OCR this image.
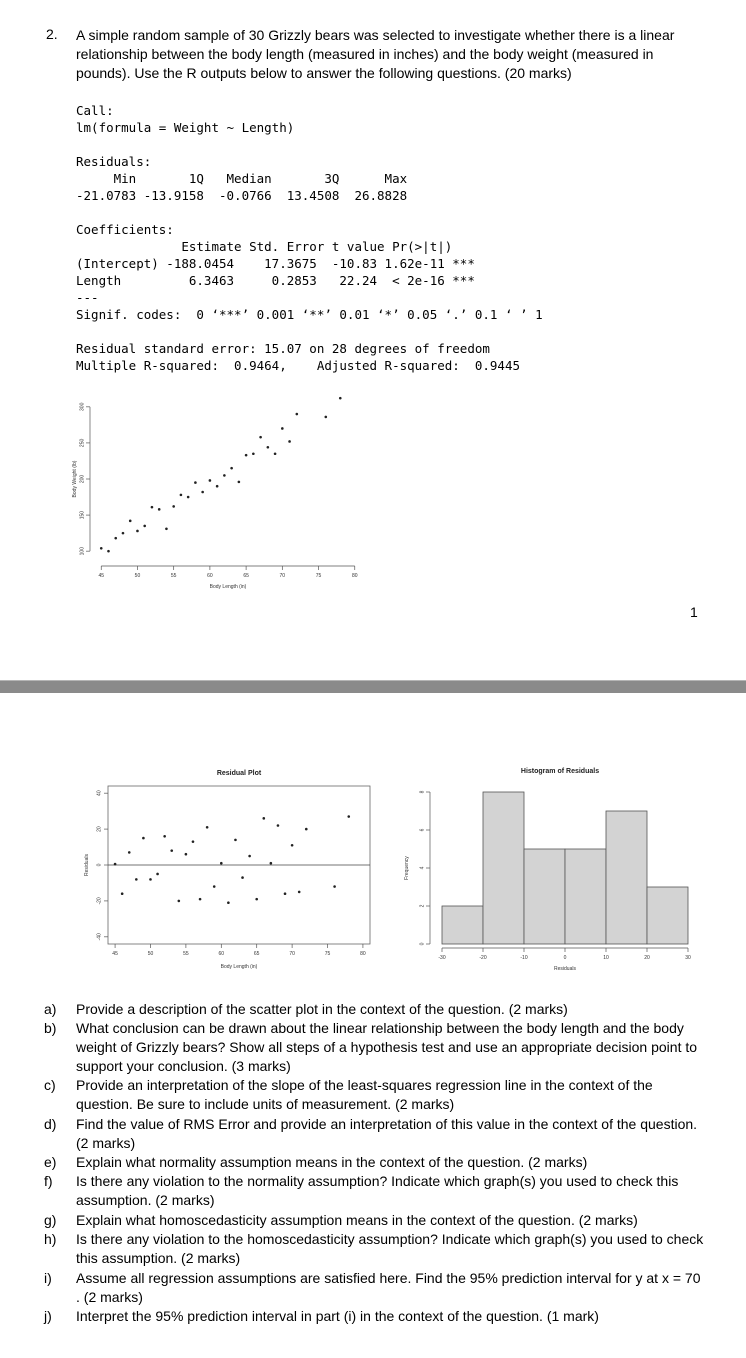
2. A simple random sample of 30 Grizzly bears was selected to investigate whether there is a linear relationship between the body length (measured in inches) and the body weight (measured in pounds). Use the R outputs below to answer the following questions. (20 marks)
Call:
lm(formula = Weight ~ Length)
Residuals:
Min       1Q   Median       3Q      Max
-21.0783 -13.9158  -0.0766  13.4508  26.8828
Coefficients:
Estimate Std. Error t value Pr(>|t|)
(Intercept) -188.0454    17.3675  -10.83 1.62e-11 ***
Length         6.3463     0.2853   22.24  < 2e-16 ***
---
Signif. codes:  0 ‘***’ 0.001 ‘**’ 0.01 ‘*’ 0.05 ‘.’ 0.1 ‘ ’ 1
Residual standard error: 15.07 on 28 degrees of freedom
Multiple R-squared:  0.9464,    Adjusted R-squared:  0.9445
100
150
200
250
300
Body Weight (lb)
45	50	55	60	65	70	75	80
Body Length (in)
1
Residual Plot
-40
-20
0
20
40
Residuals
45	50	55	60	65	70	75	80
Body Length (in)
Histogram of Residuals
0
2
4
6
8
Frequency
-30	-20	-10	0	10	20	30
Residuals
a)	Provide a description of the scatter plot in the context of the question. (2 marks)
b)	What conclusion can be drawn about the linear relationship between the body length and the body weight of Grizzly bears? Show all steps of a hypothesis test and use an appropriate decision point to support your conclusion. (3 marks)
c)	Provide an interpretation of the slope of the least-squares regression line in the context of the question. Be sure to include units of measurement. (2 marks)
d)	Find the value of RMS Error and provide an interpretation of this value in the context of the question. (2 marks)
e)	Explain what normality assumption means in the context of the question. (2 marks)
f)	Is there any violation to the normality assumption? Indicate which graph(s) you used to check this assumption. (2 marks)
g)	Explain what homoscedasticity assumption means in the context of the question. (2 marks)
h)	Is there any violation to the homoscedasticity assumption? Indicate which graph(s) you used to check this assumption. (2 marks)
i)	Assume all regression assumptions are satisfied here. Find the 95% prediction interval for y at x = 70 . (2 marks)
j)	Interpret the 95% prediction interval in part (i) in the context of the question. (1 mark)
